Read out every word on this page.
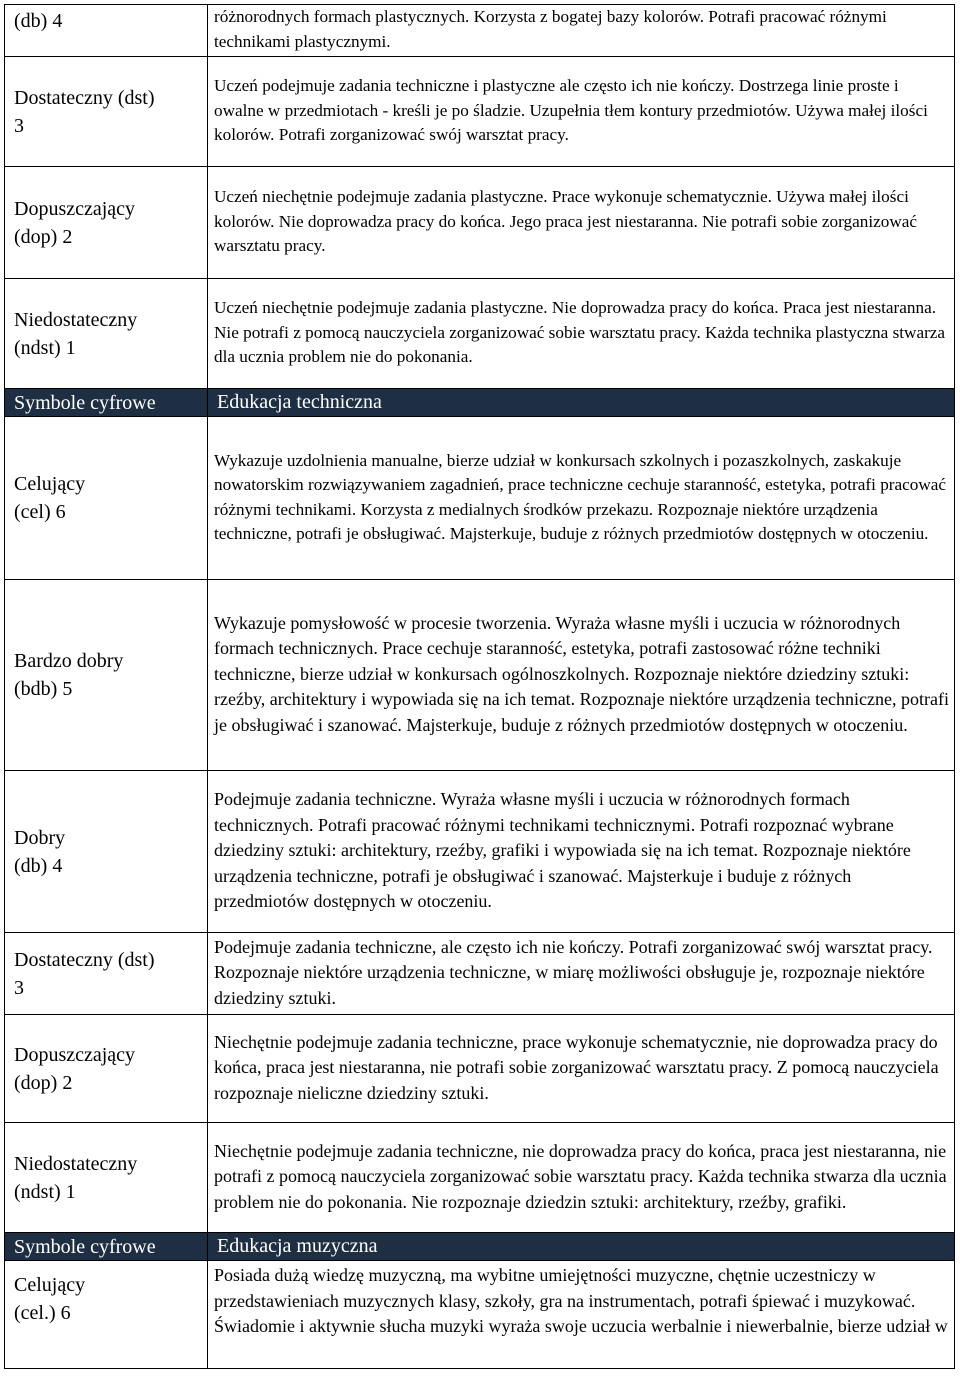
(db) 4	różnorodnych formach plastycznych. Korzysta z bogatej bazy kolorów. Potrafi pracować różnymi technikami plastycznymi.

Dostateczny (dst)
3	Uczeń podejmuje zadania techniczne i plastyczne ale często ich nie kończy. Dostrzega linie proste i owalne w przedmiotach - kreśli je po śladzie. Uzupełnia tłem kontury przedmiotów. Używa małej ilości kolorów. Potrafi zorganizować swój warsztat pracy.

Dopuszczający
(dop) 2	Uczeń niechętnie podejmuje zadania plastyczne. Prace wykonuje schematycznie. Używa małej ilości kolorów. Nie doprowadza pracy do końca. Jego praca jest niestaranna. Nie potrafi sobie zorganizować warsztatu pracy.

Niedostateczny
(ndst) 1	Uczeń niechętnie podejmuje zadania plastyczne. Nie doprowadza pracy do końca. Praca jest niestaranna. Nie potrafi z pomocą nauczyciela zorganizować sobie warsztatu pracy. Każda technika plastyczna stwarza dla ucznia problem nie do pokonania.
Symbole cyfrowe	Edukacja techniczna

Celujący
(cel) 6	Wykazuje uzdolnienia manualne, bierze udział w konkursach szkolnych i pozaszkolnych, zaskakuje nowatorskim rozwiązywaniem zagadnień, prace techniczne cechuje staranność, estetyka, potrafi pracować różnymi technikami. Korzysta z medialnych środków przekazu. Rozpoznaje niektóre urządzenia techniczne, potrafi je obsługiwać. Majsterkuje, buduje z różnych przedmiotów dostępnych w otoczeniu.

Bardzo dobry
(bdb) 5	Wykazuje pomysłowość w procesie tworzenia. Wyraża własne myśli i uczucia w różnorodnych formach technicznych. Prace cechuje staranność, estetyka, potrafi zastosować różne techniki techniczne, bierze udział w konkursach ogólnoszkolnych. Rozpoznaje niektóre dziedziny sztuki: rzeźby, architektury i wypowiada się na ich temat. Rozpoznaje niektóre urządzenia techniczne, potrafi je obsługiwać i szanować. Majsterkuje, buduje z różnych przedmiotów dostępnych w otoczeniu.

Dobry
(db) 4	Podejmuje zadania techniczne. Wyraża własne myśli i uczucia w różnorodnych formach technicznych. Potrafi pracować różnymi technikami technicznymi. Potrafi rozpoznać wybrane dziedziny sztuki: architektury, rzeźby, grafiki i wypowiada się na ich temat. Rozpoznaje niektóre urządzenia techniczne, potrafi je obsługiwać i szanować. Majsterkuje i buduje z różnych przedmiotów dostępnych w otoczeniu.

Dostateczny (dst)
3	Podejmuje zadania techniczne, ale często ich nie kończy. Potrafi zorganizować swój warsztat pracy. Rozpoznaje niektóre urządzenia techniczne, w miarę możliwości obsługuje je, rozpoznaje niektóre dziedziny sztuki.

Dopuszczający
(dop) 2	Niechętnie podejmuje zadania techniczne, prace wykonuje schematycznie, nie doprowadza pracy do końca, praca jest niestaranna, nie potrafi sobie zorganizować warsztatu pracy. Z pomocą nauczyciela rozpoznaje nieliczne dziedziny sztuki.

Niedostateczny
(ndst) 1	Niechętnie podejmuje zadania techniczne, nie doprowadza pracy do końca, praca jest niestaranna, nie potrafi z pomocą nauczyciela zorganizować sobie warsztatu pracy. Każda technika stwarza dla ucznia problem nie do pokonania. Nie rozpoznaje dziedzin sztuki: architektury, rzeźby, grafiki.
Symbole cyfrowe	Edukacja muzyczna

Celujący
(cel.) 6	Posiada dużą wiedzę muzyczną, ma wybitne umiejętności muzyczne, chętnie uczestniczy w przedstawieniach muzycznych klasy, szkoły, gra na instrumentach, potrafi śpiewać i muzykować. Świadomie i aktywnie słucha muzyki wyraża swoje uczucia werbalnie i niewerbalnie, bierze udział w
